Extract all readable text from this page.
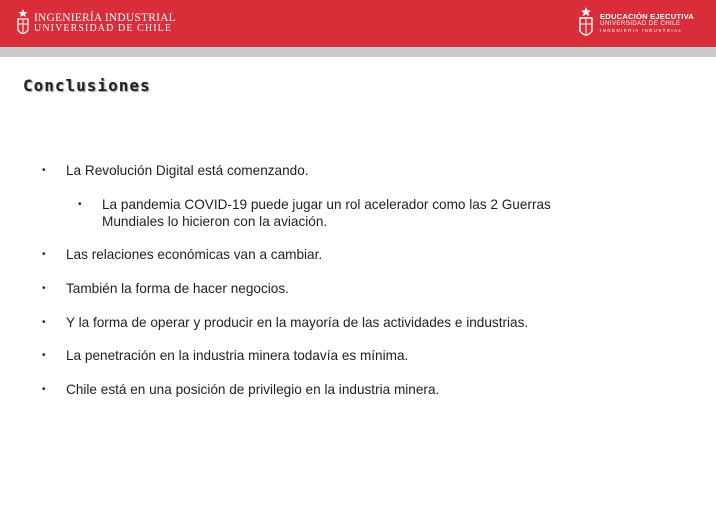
INGENIERÍA INDUSTRIAL
UNIVERSIDAD DE CHILE
EDUCACIÓN EJECUTIVA
UNIVERSIDAD DE CHILE
INGENIERÍA INDUSTRIAL
Conclusiones
• La Revolución Digital está comenzando.
• La pandemia COVID-19 puede jugar un rol acelerador como las 2 Guerras Mundiales lo hicieron con la aviación.
• Las relaciones económicas van a cambiar.
• También la forma de hacer negocios.
• Y la forma de operar y producir en la mayoría de las actividades e industrias.
• La penetración en la industria minera todavía es mínima.
• Chile está en una posición de privilegio en la industria minera.
